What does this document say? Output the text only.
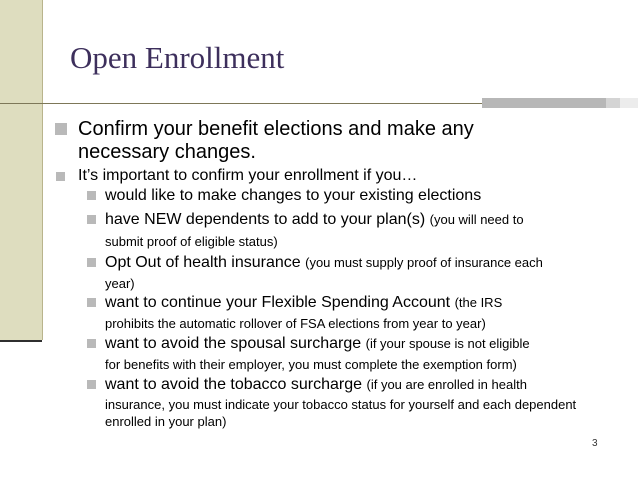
Open Enrollment
Confirm your benefit elections and make any
necessary changes.
It’s important to confirm your enrollment if you…
would like to make changes to your existing elections
have NEW dependents to add to your plan(s) (you will need to
submit proof of eligible status)
Opt Out of health insurance (you must supply proof of insurance each
year)
want to continue your Flexible Spending Account (the IRS
prohibits the automatic rollover of FSA elections from year to year)
want to avoid the spousal surcharge (if your spouse is not eligible
for benefits with their employer, you must complete the exemption form)
want to avoid the tobacco surcharge (if you are enrolled in health
insurance, you must indicate your tobacco status for yourself and each dependent
enrolled in your plan)
3
